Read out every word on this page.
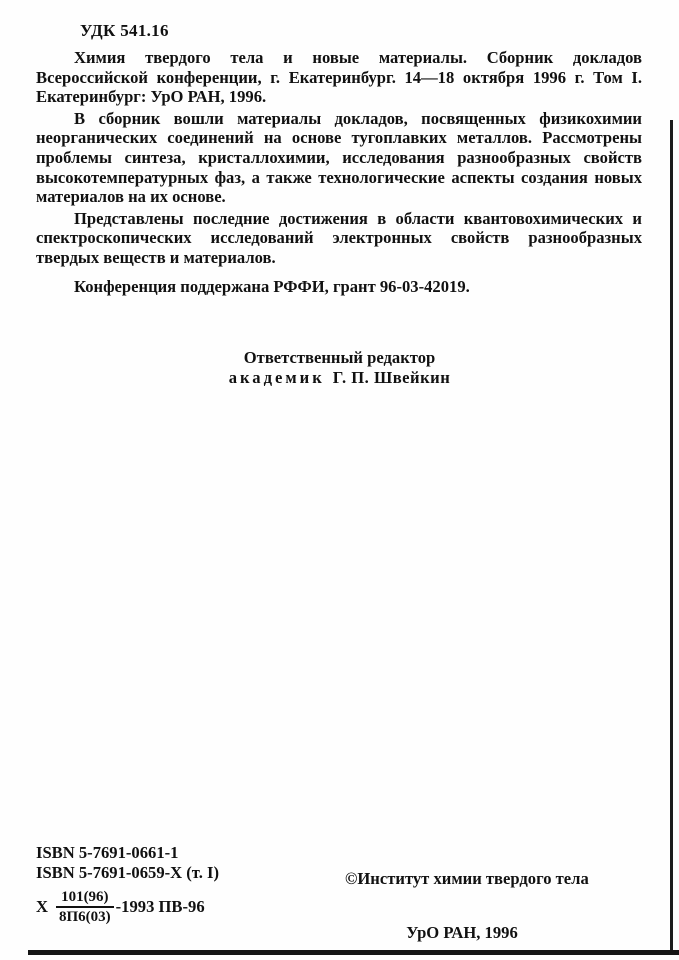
УДК 541.16

Химия твердого тела и новые материалы. Сборник докладов Всероссийской конференции, г. Екатеринбург. 14—18 октября 1996 г. Том I. Екатеринбург: УрО РАН, 1996.

В сборник вошли материалы докладов, посвященных физикохимии неорганических соединений на основе тугоплавких металлов. Рассмотрены проблемы синтеза, кристаллохимии, исследования разнообразных свойств высокотемпературных фаз, а также технологические аспекты создания новых материалов на их основе.

Представлены последние достижения в области квантовохимических и спектроскопических исследований электронных свойств разнообразных твердых веществ и материалов.

Конференция поддержана РФФИ, грант 96-03-42019.

Ответственный редактор
академик Г. П. Швейкин
ISBN 5-7691-0661-1
ISBN 5-7691-0659-X (т. I)
Х $\frac{101(96)}{8П6(03)} -1993$ ПВ-96
©Институт химии твердого тела
УрО РАН, 1996
